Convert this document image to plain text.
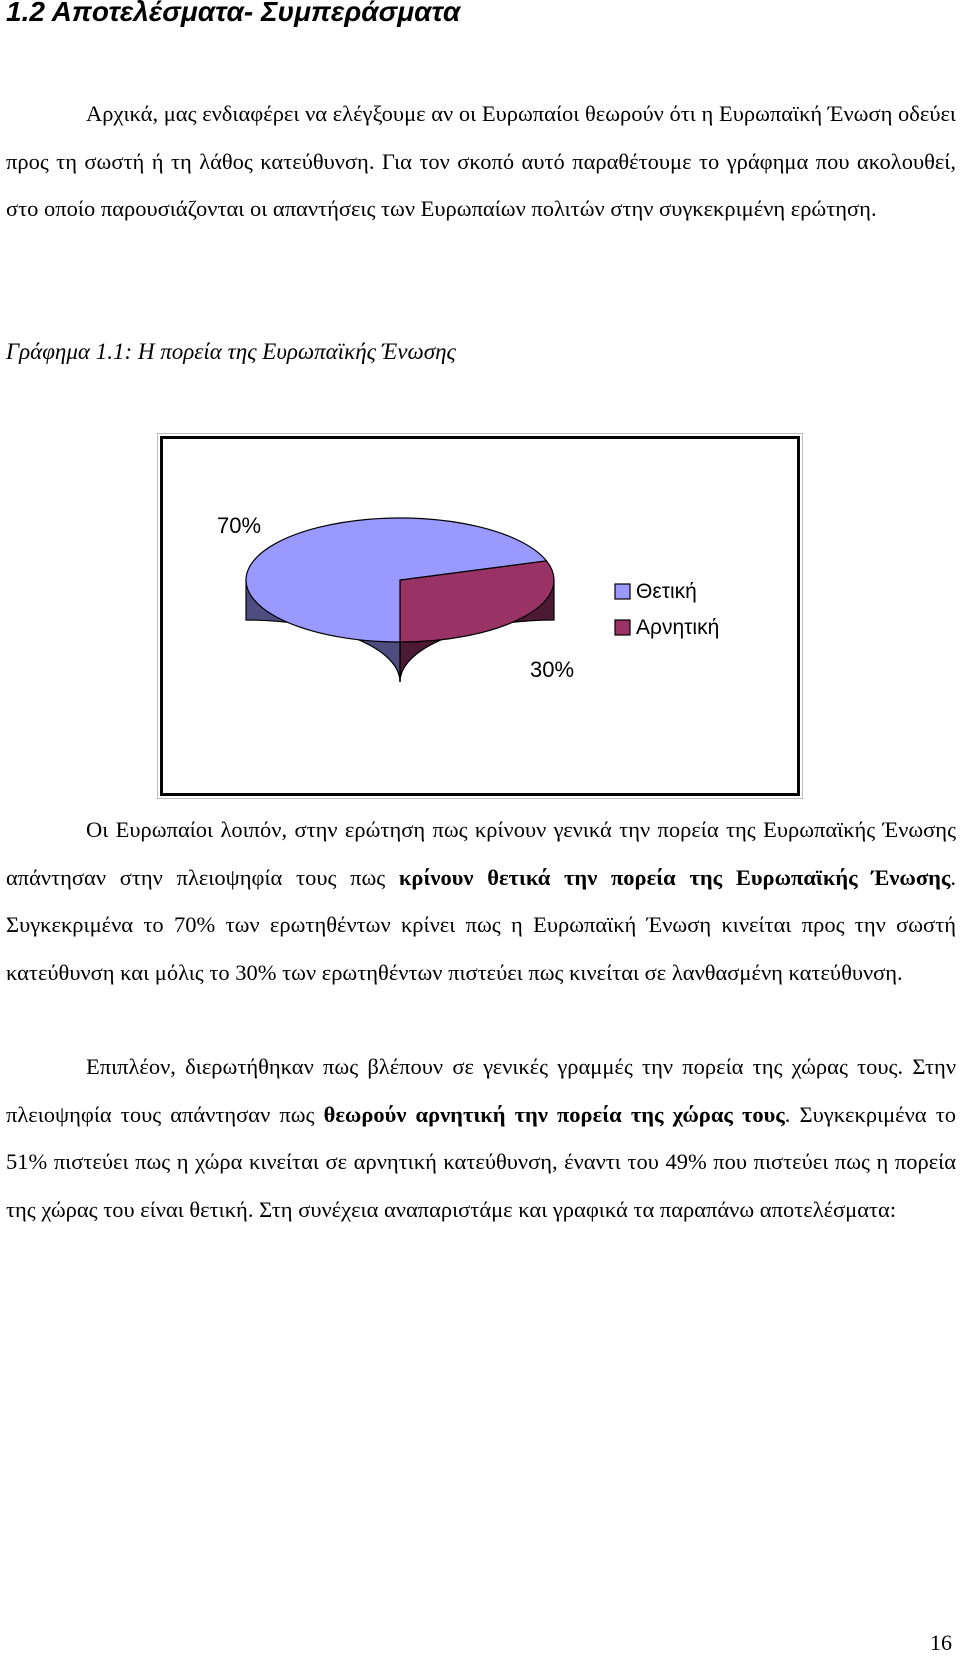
1.2 Αποτελέσματα- Συμπεράσματα

Αρχικά, μας ενδιαφέρει να ελέγξουμε αν οι Ευρωπαίοι θεωρούν ότι η Ευρωπαϊκή Ένωση οδεύει προς τη σωστή ή τη λάθος κατεύθυνση. Για τον σκοπό αυτό παραθέτουμε το γράφημα που ακολουθεί, στο οποίο παρουσιάζονται οι απαντήσεις των Ευρωπαίων πολιτών στην συγκεκριμένη ερώτηση.

Γράφημα 1.1: Η πορεία της Ευρωπαϊκής Ένωσης

70%
30%
Θετική
Αρνητική

Οι Ευρωπαίοι λοιπόν, στην ερώτηση πως κρίνουν γενικά την πορεία της Ευρωπαϊκής Ένωσης απάντησαν στην πλειοψηφία τους πως κρίνουν θετικά την πορεία της Ευρωπαϊκής Ένωσης. Συγκεκριμένα το 70% των ερωτηθέντων κρίνει πως η Ευρωπαϊκή Ένωση κινείται προς την σωστή κατεύθυνση και μόλις το 30% των ερωτηθέντων πιστεύει πως κινείται σε λανθασμένη κατεύθυνση.

Επιπλέον, διερωτήθηκαν πως βλέπουν σε γενικές γραμμές την πορεία της χώρας τους. Στην πλειοψηφία τους απάντησαν πως θεωρούν αρνητική την πορεία της χώρας τους. Συγκεκριμένα το 51% πιστεύει πως η χώρα κινείται σε αρνητική κατεύθυνση, έναντι του 49% που πιστεύει πως η πορεία της χώρας του είναι θετική. Στη συνέχεια αναπαριστάμε και γραφικά τα παραπάνω αποτελέσματα:

16
